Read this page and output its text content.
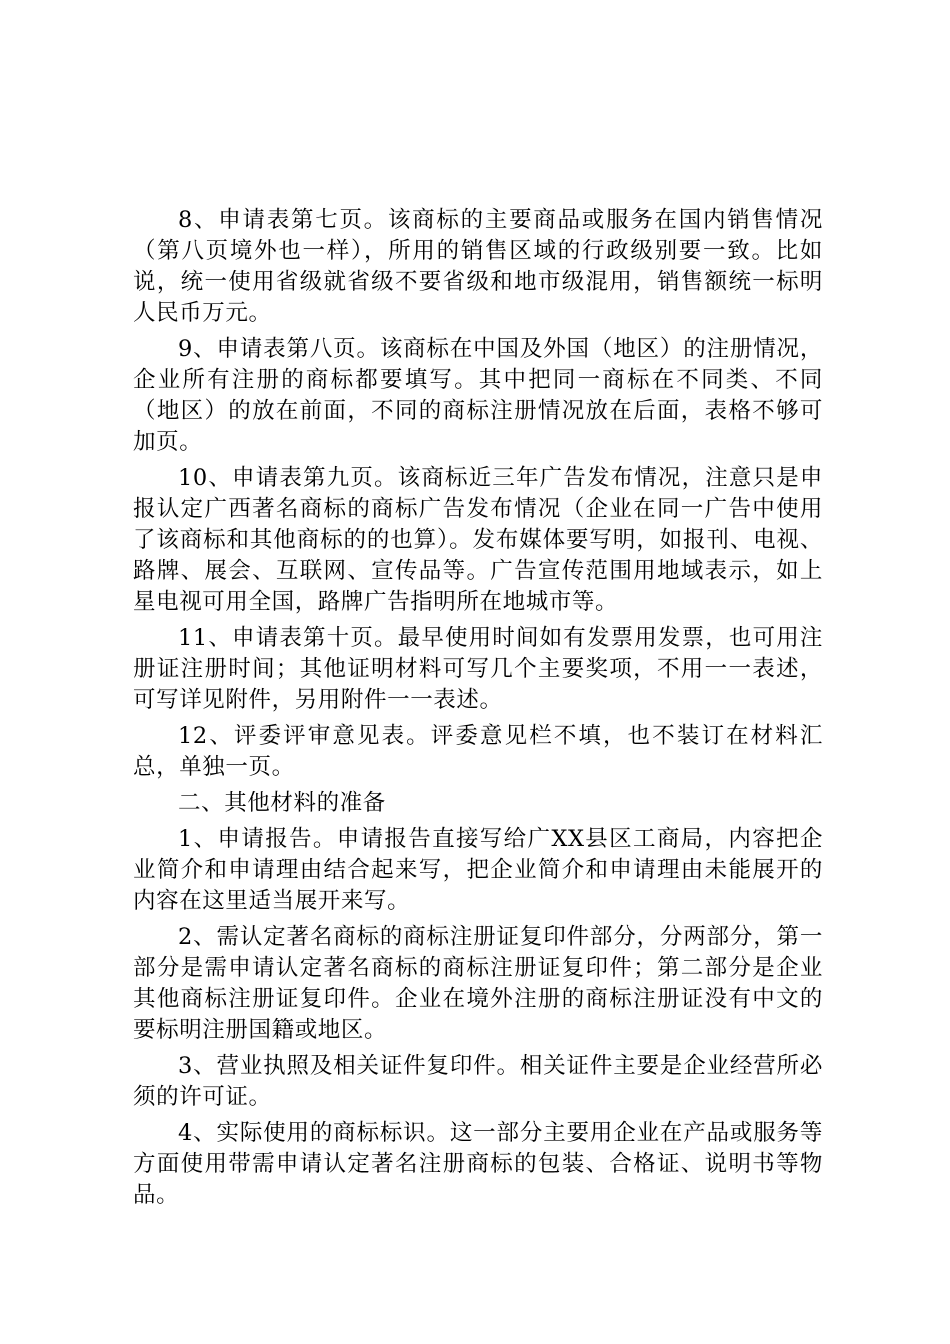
8、申请表第七页。该商标的主要商品或服务在国内销售情况（第八页境外也一样），所用的销售区域的行政级别要一致。比如说，统一使用省级就省级不要省级和地市级混用，销售额统一标明人民币万元。

9、申请表第八页。该商标在中国及外国（地区）的注册情况，企业所有注册的商标都要填写。其中把同一商标在不同类、不同（地区）的放在前面，不同的商标注册情况放在后面，表格不够可加页。

10、申请表第九页。该商标近三年广告发布情况，注意只是申报认定广西著名商标的商标广告发布情况（企业在同一广告中使用了该商标和其他商标的的也算）。发布媒体要写明，如报刊、电视、路牌、展会、互联网、宣传品等。广告宣传范围用地域表示，如上星电视可用全国，路牌广告指明所在地城市等。

11、申请表第十页。最早使用时间如有发票用发票，也可用注册证注册时间；其他证明材料可写几个主要奖项，不用一一表述，可写详见附件，另用附件一一表述。

12、评委评审意见表。评委意见栏不填，也不装订在材料汇总，单独一页。

二、其他材料的准备

1、申请报告。申请报告直接写给广XX县区工商局，内容把企业简介和申请理由结合起来写，把企业简介和申请理由未能展开的内容在这里适当展开来写。

2、需认定著名商标的商标注册证复印件部分，分两部分，第一部分是需申请认定著名商标的商标注册证复印件；第二部分是企业其他商标注册证复印件。企业在境外注册的商标注册证没有中文的要标明注册国籍或地区。

3、营业执照及相关证件复印件。相关证件主要是企业经营所必须的许可证。

4、实际使用的商标标识。这一部分主要用企业在产品或服务等方面使用带需申请认定著名注册商标的包装、合格证、说明书等物品。
